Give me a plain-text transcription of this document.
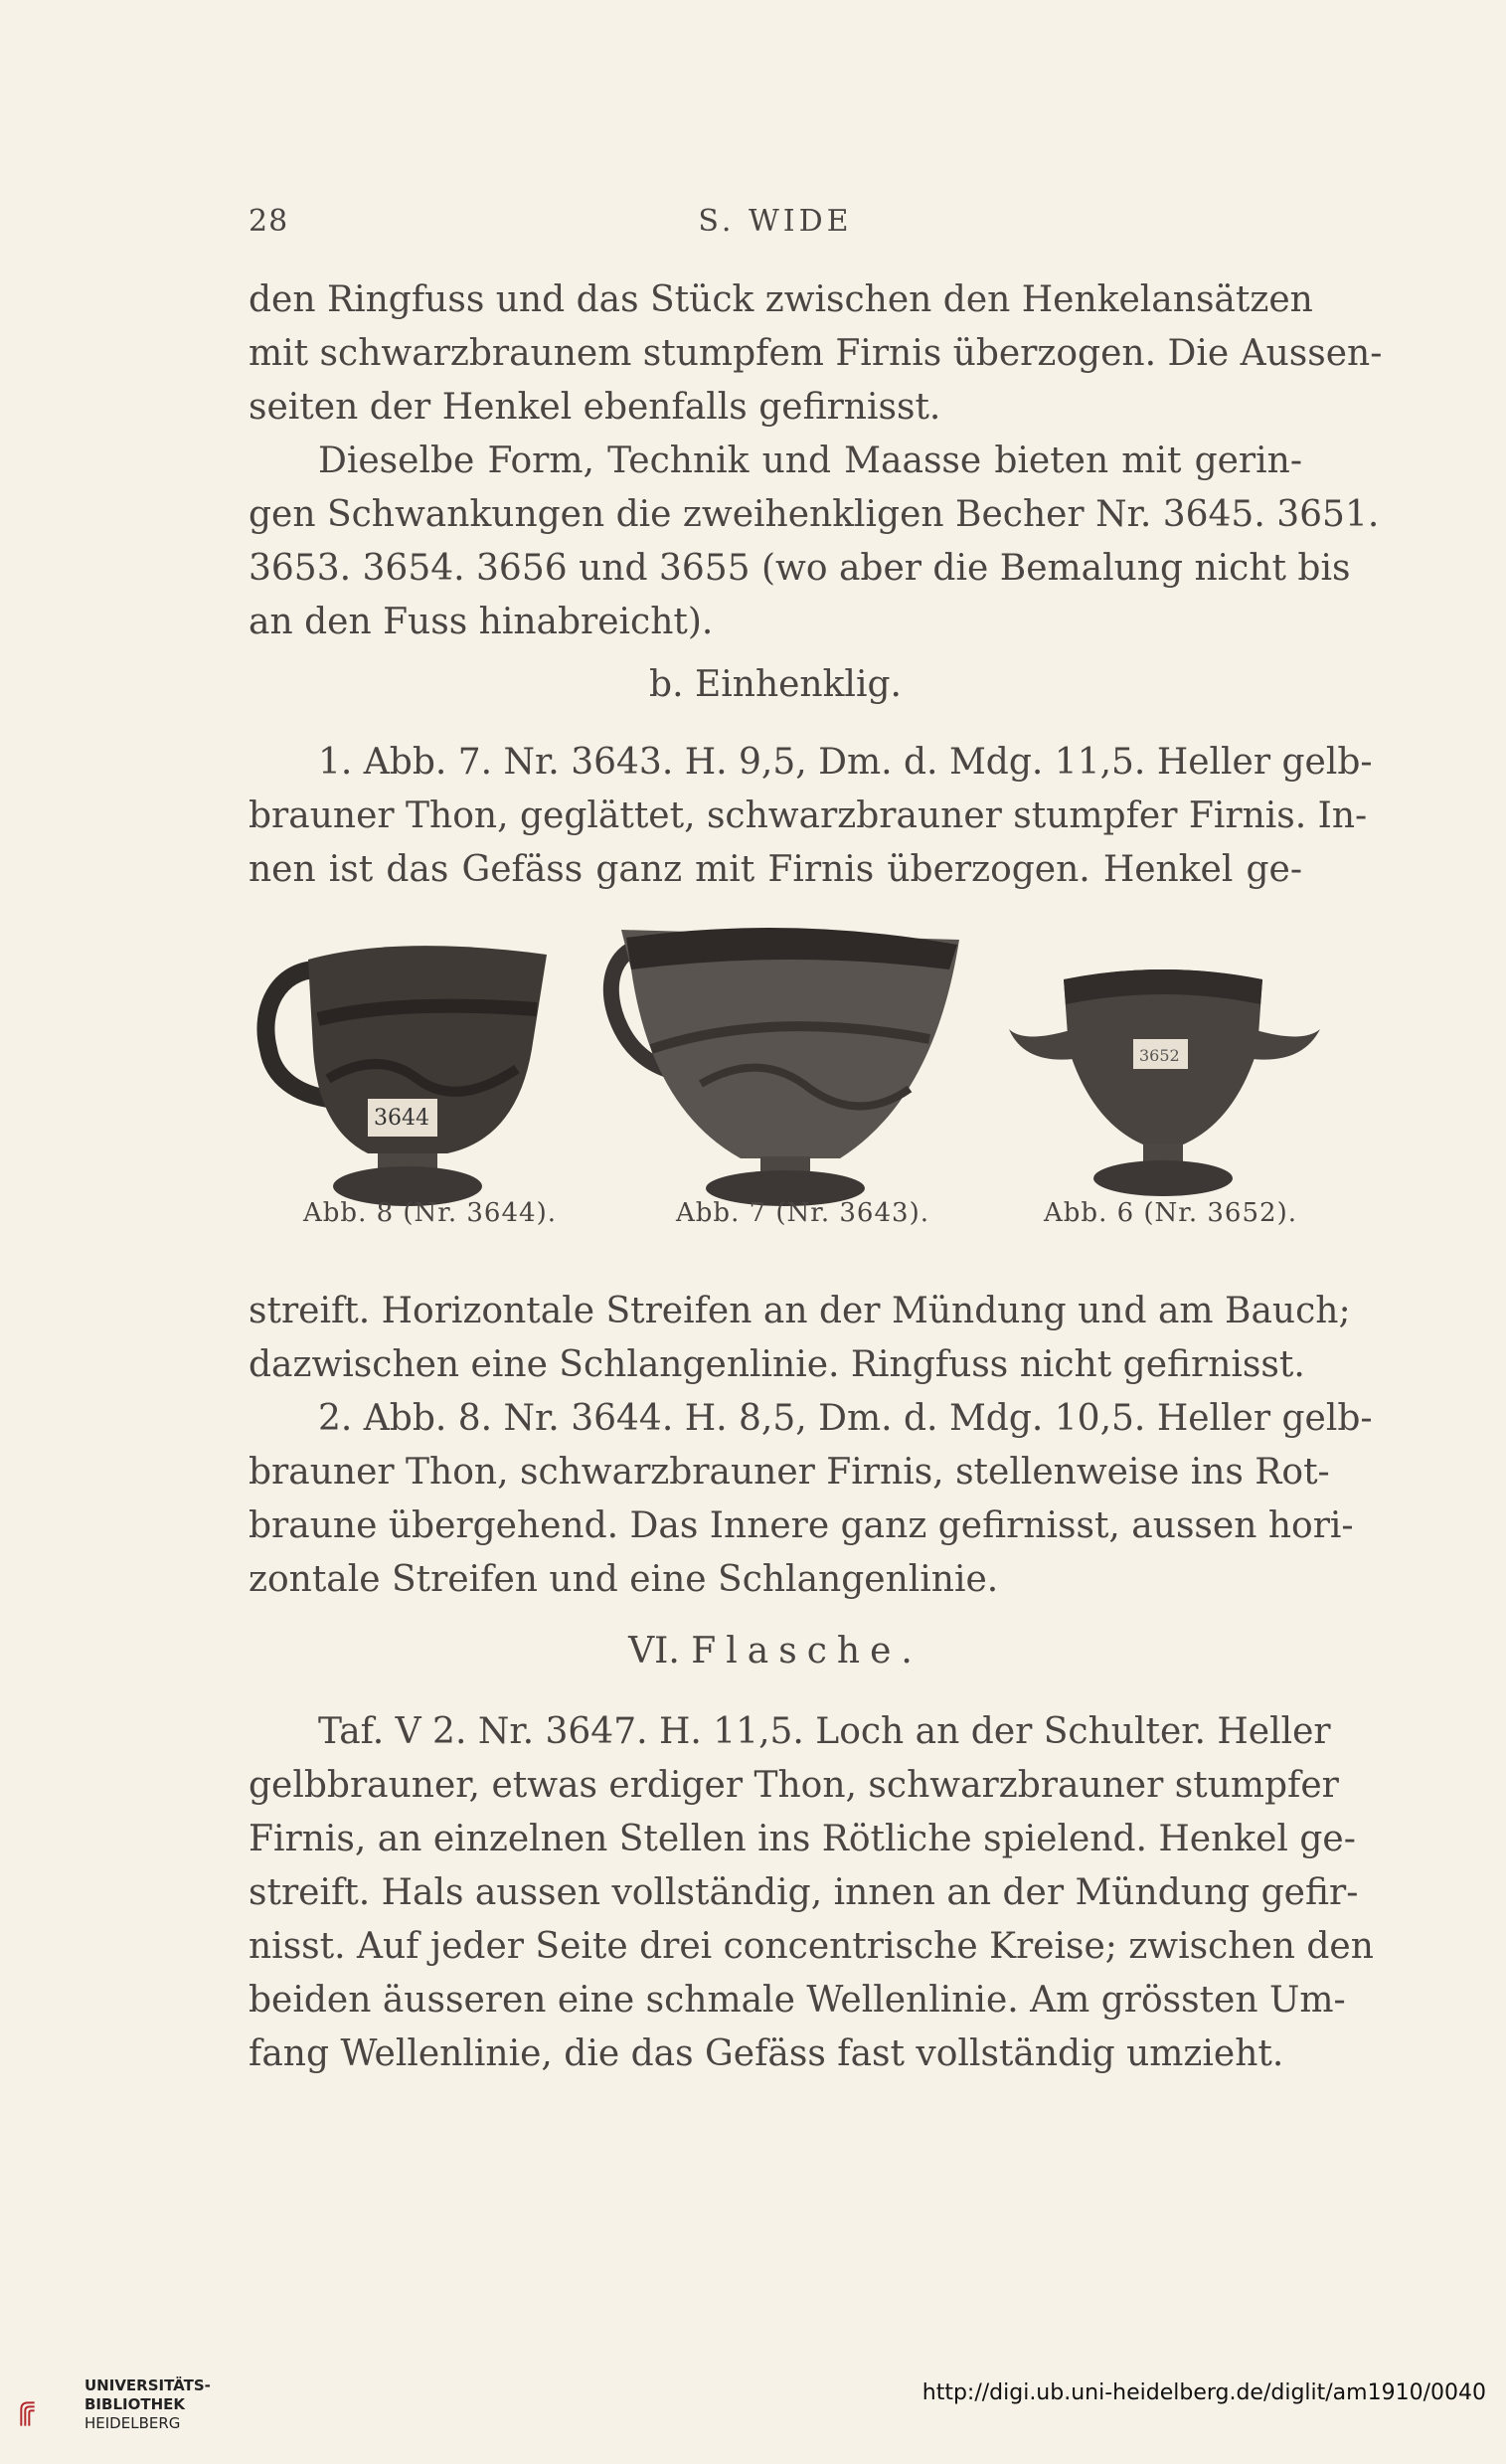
28	S. WIDE
den Ringfuss und das Stück zwischen den Henkelansätzen
mit schwarzbraunem stumpfem Firnis überzogen. Die Aussen-
seiten der Henkel ebenfalls gefirnisst.
Dieselbe Form, Technik und Maasse bieten mit gerin-
gen Schwankungen die zweihenkligen Becher Nr. 3645. 3651.
3653. 3654. 3656 und 3655 (wo aber die Bemalung nicht bis
an den Fuss hinabreicht).
b. Einhenklig.
1. Abb. 7. Nr. 3643. H. 9,5, Dm. d. Mdg. 11,5. Heller gelb-
brauner Thon, geglättet, schwarzbrauner stumpfer Firnis. In-
nen ist das Gefäss ganz mit Firnis überzogen. Henkel ge-
3644
3652
Abb. 8 (Nr. 3644).	Abb. 7 (Nr. 3643).	Abb. 6 (Nr. 3652).
streift. Horizontale Streifen an der Mündung und am Bauch;
dazwischen eine Schlangenlinie. Ringfuss nicht gefirnisst.
2. Abb. 8. Nr. 3644. H. 8,5, Dm. d. Mdg. 10,5. Heller gelb-
brauner Thon, schwarzbrauner Firnis, stellenweise ins Rot-
braune übergehend. Das Innere ganz gefirnisst, aussen hori-
zontale Streifen und eine Schlangenlinie.
VI. Flasche.
Taf. V 2. Nr. 3647. H. 11,5. Loch an der Schulter. Heller
gelbbrauner, etwas erdiger Thon, schwarzbrauner stumpfer
Firnis, an einzelnen Stellen ins Rötliche spielend. Henkel ge-
streift. Hals aussen vollständig, innen an der Mündung gefir-
nisst. Auf jeder Seite drei concentrische Kreise; zwischen den
beiden äusseren eine schmale Wellenlinie. Am grössten Um-
fang Wellenlinie, die das Gefäss fast vollständig umzieht.
UNIVERSITÄTS-
BIBLIOTHEK
HEIDELBERG
http://digi.ub.uni-heidelberg.de/diglit/am1910/0040
